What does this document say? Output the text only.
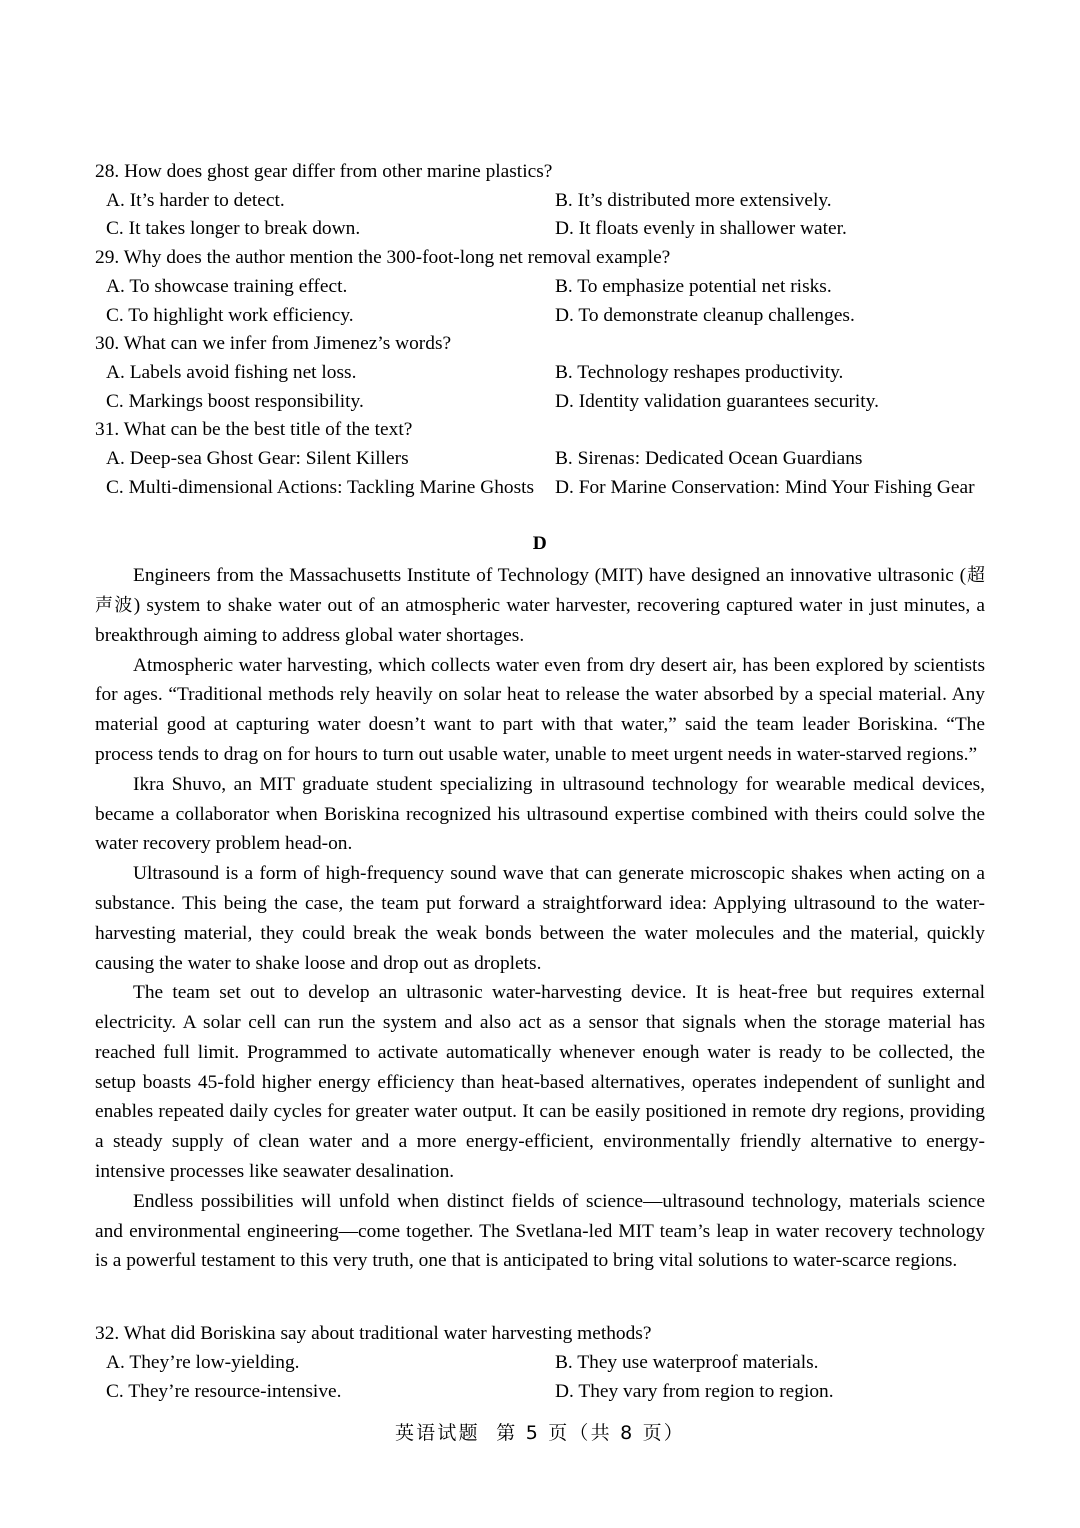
28. How does ghost gear differ from other marine plastics?
A. It’s harder to detect.	B. It’s distributed more extensively.
C. It takes longer to break down.	D. It floats evenly in shallower water.
29. Why does the author mention the 300-foot-long net removal example?
A. To showcase training effect.	B. To emphasize potential net risks.
C. To highlight work efficiency.	D. To demonstrate cleanup challenges.
30. What can we infer from Jimenez’s words?
A. Labels avoid fishing net loss.	B. Technology reshapes productivity.
C. Markings boost responsibility.	D. Identity validation guarantees security.
31. What can be the best title of the text?
A. Deep-sea Ghost Gear: Silent Killers	B. Sirenas: Dedicated Ocean Guardians
C. Multi-dimensional Actions: Tackling Marine Ghosts	D. For Marine Conservation: Mind Your Fishing Gear
D

Engineers from the Massachusetts Institute of Technology (MIT) have designed an innovative ultrasonic (超声波) system to shake water out of an atmospheric water harvester, recovering captured water in just minutes, a breakthrough aiming to address global water shortages.

Atmospheric water harvesting, which collects water even from dry desert air, has been explored by scientists for ages. “Traditional methods rely heavily on solar heat to release the water absorbed by a special material. Any material good at capturing water doesn’t want to part with that water,” said the team leader Boriskina. “The process tends to drag on for hours to turn out usable water, unable to meet urgent needs in water-starved regions.”

Ikra Shuvo, an MIT graduate student specializing in ultrasound technology for wearable medical devices, became a collaborator when Boriskina recognized his ultrasound expertise combined with theirs could solve the water recovery problem head-on.

Ultrasound is a form of high-frequency sound wave that can generate microscopic shakes when acting on a substance. This being the case, the team put forward a straightforward idea: Applying ultrasound to the water-harvesting material, they could break the weak bonds between the water molecules and the material, quickly causing the water to shake loose and drop out as droplets.

The team set out to develop an ultrasonic water-harvesting device. It is heat-free but requires external electricity. A solar cell can run the system and also act as a sensor that signals when the storage material has reached full limit. Programmed to activate automatically whenever enough water is ready to be collected, the setup boasts 45-fold higher energy efficiency than heat-based alternatives, operates independent of sunlight and enables repeated daily cycles for greater water output. It can be easily positioned in remote dry regions, providing a steady supply of clean water and a more energy-efficient, environmentally friendly alternative to energy-intensive processes like seawater desalination.

Endless possibilities will unfold when distinct fields of science—ultrasound technology, materials science and environmental engineering—come together. The Svetlana-led MIT team’s leap in water recovery technology is a powerful testament to this very truth, one that is anticipated to bring vital solutions to water-scarce regions.

32. What did Boriskina say about traditional water harvesting methods?
A. They’re low-yielding.	B. They use waterproof materials.
C. They’re resource-intensive.	D. They vary from region to region.
英语试题  第 5 页（共 8 页）
